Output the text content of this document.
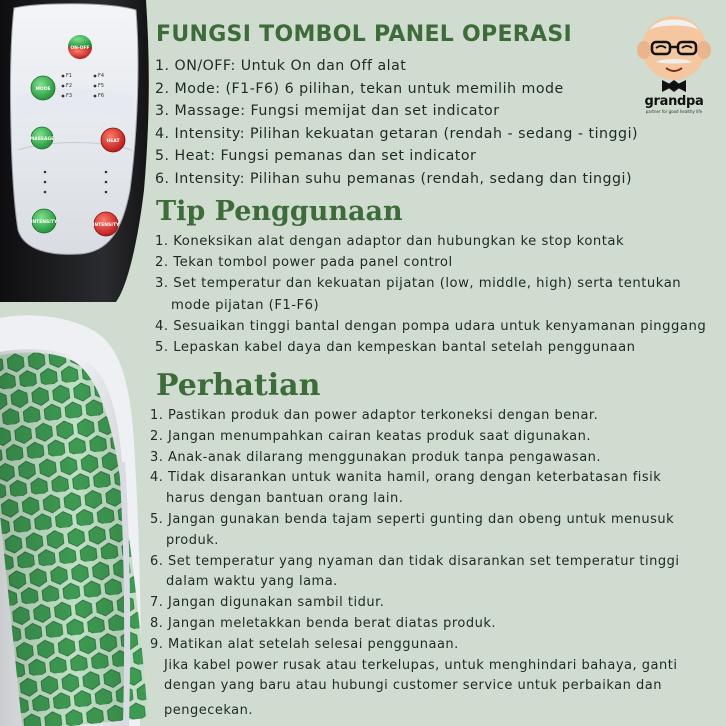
ON·OFF
MODE
F1
F2
F3
F4
F5
F6
MASSAGE	HEAT
INTENSITY
INTENSITY
grandpa
partner for good healthy life
FUNGSI TOMBOL PANEL OPERASI
1. ON/OFF: Untuk On dan Off alat
2. Mode: (F1-F6) 6 pilihan, tekan untuk memilih mode
3. Massage: Fungsi memijat dan set indicator
4. Intensity: Pilihan kekuatan getaran (rendah - sedang - tinggi)
5. Heat: Fungsi pemanas dan set indicator
6. Intensity: Pilihan suhu pemanas (rendah, sedang dan tinggi)
Tip Penggunaan
1. Koneksikan alat dengan adaptor dan hubungkan ke stop kontak
2. Tekan tombol power pada panel control
3. Set temperatur dan kekuatan pijatan (low, middle, high) serta tentukan
mode pijatan (F1-F6)
4. Sesuaikan tinggi bantal dengan pompa udara untuk kenyamanan pinggang
5. Lepaskan kabel daya dan kempeskan bantal setelah penggunaan
Perhatian
1. Pastikan produk dan power adaptor terkoneksi dengan benar.
2. Jangan menumpahkan cairan keatas produk saat digunakan.
3. Anak-anak dilarang menggunakan produk tanpa pengawasan.
4. Tidak disarankan untuk wanita hamil, orang dengan keterbatasan fisik
harus dengan bantuan orang lain.
5. Jangan gunakan benda tajam seperti gunting dan obeng untuk menusuk
produk.
6. Set temperatur yang nyaman dan tidak disarankan set temperatur tinggi
dalam waktu yang lama.
7. Jangan digunakan sambil tidur.
8. Jangan meletakkan benda berat diatas produk.
9. Matikan alat setelah selesai penggunaan.
Jika kabel power rusak atau terkelupas, untuk menghindari bahaya, ganti
dengan yang baru atau hubungi customer service untuk perbaikan dan
pengecekan.
